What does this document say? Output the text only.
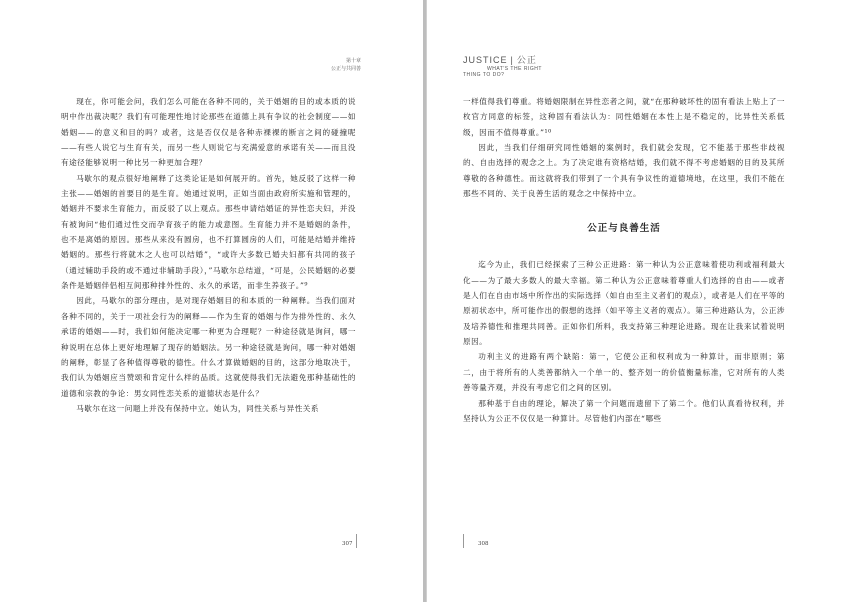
第十章
公正与共同善

现在，你可能会问，我们怎么可能在各种不同的，关于婚姻的目的或本质的说明中作出裁决呢？我们有可能理性地讨论那些在道德上具有争议的社会制度——如婚姻——的意义和目的吗？或者，这是否仅仅是各种赤裸裸的断言之间的碰撞呢——有些人说它与生育有关，而另一些人则说它与充满爱意的承诺有关——而且没有途径能够说明一种比另一种更加合理？

马歇尔的观点很好地阐释了这类论证是如何展开的。首先，她反驳了这样一种主张——婚姻的首要目的是生育。她通过说明，正如当面由政府所实施和管理的，婚姻并不要求生育能力，而反驳了以上观点。那些申请结婚证的异性恋夫妇，并没有被询问“他们通过性交而孕育孩子的能力或意图。生育能力并不是婚姻的条件，也不是离婚的原因。那些从来没有圆房，也不打算圆房的人们，可能是结婚并维持婚姻的。那些行将就木之人也可以结婚”，“或许大多数已婚夫妇都有共同的孩子（通过辅助手段的或不通过非辅助手段），”马歇尔总结道，“可是，公民婚姻的必要条件是婚姻伴侣相互间那种排外性的、永久的承诺，而非生养孩子。”⁹

因此，马歇尔的部分理由，是对现存婚姻目的和本质的一种阐释。当我们面对各种不同的，关于一项社会行为的阐释——作为生育的婚姻与作为排外性的、永久承诺的婚姻——时，我们如何能决定哪一种更为合理呢？一种途径就是询问，哪一种说明在总体上更好地理解了现存的婚姻法。另一种途径就是询问，哪一种对婚姻的阐释，彰显了各种值得尊敬的德性。什么才算做婚姻的目的，这部分地取决于，我们认为婚姻应当赞颂和肯定什么样的品质。这就使得我们无法避免那种基础性的道德和宗教的争论：男女同性恋关系的道德状态是什么？

马歇尔在这一问题上并没有保持中立。她认为，同性关系与异性关系

307
JUSTICE | 公正
WHAT'S THE RIGHT
THING TO DO?

一样值得我们尊重。将婚姻限制在异性恋者之间，就“在那种破坏性的固有看法上贴上了一枚官方同意的标签，这种固有看法认为：同性婚姻在本性上是不稳定的，比异性关系低级，因而不值得尊重。”¹⁰

因此，当我们仔细研究同性婚姻的案例时，我们就会发现，它不能基于那些非歧视的、自由选择的观念之上。为了决定谁有资格结婚，我们就不得不考虑婚姻的目的及其所尊敬的各种德性。而这就将我们带到了一个具有争议性的道德境地，在这里，我们不能在那些不同的、关于良善生活的观念之中保持中立。

公正与良善生活

迄今为止，我们已经探索了三种公正进路：第一种认为公正意味着使功利或福利最大化——为了最大多数人的最大幸福。第二种认为公正意味着尊重人们选择的自由——或者是人们在自由市场中所作出的实际选择（如自由至主义者们的观点），或者是人们在平等的原初状态中，所可能作出的假想的选择（如平等主义者的观点）。第三种进路认为，公正涉及培养德性和推理共同善。正如你们所料，我支持第三种理论进路。现在让我来试着说明原因。

功利主义的进路有两个缺陷：第一，它使公正和权利成为一种算计，而非原则；第二，由于将所有的人类善都纳入一个单一的、整齐划一的价值衡量标准，它对所有的人类善等量齐观，并没有考虑它们之间的区别。

那种基于自由的理论，解决了第一个问题而遗留下了第二个。他们认真看待权利，并坚持认为公正不仅仅是一种算计。尽管他们内部在“哪些

308
